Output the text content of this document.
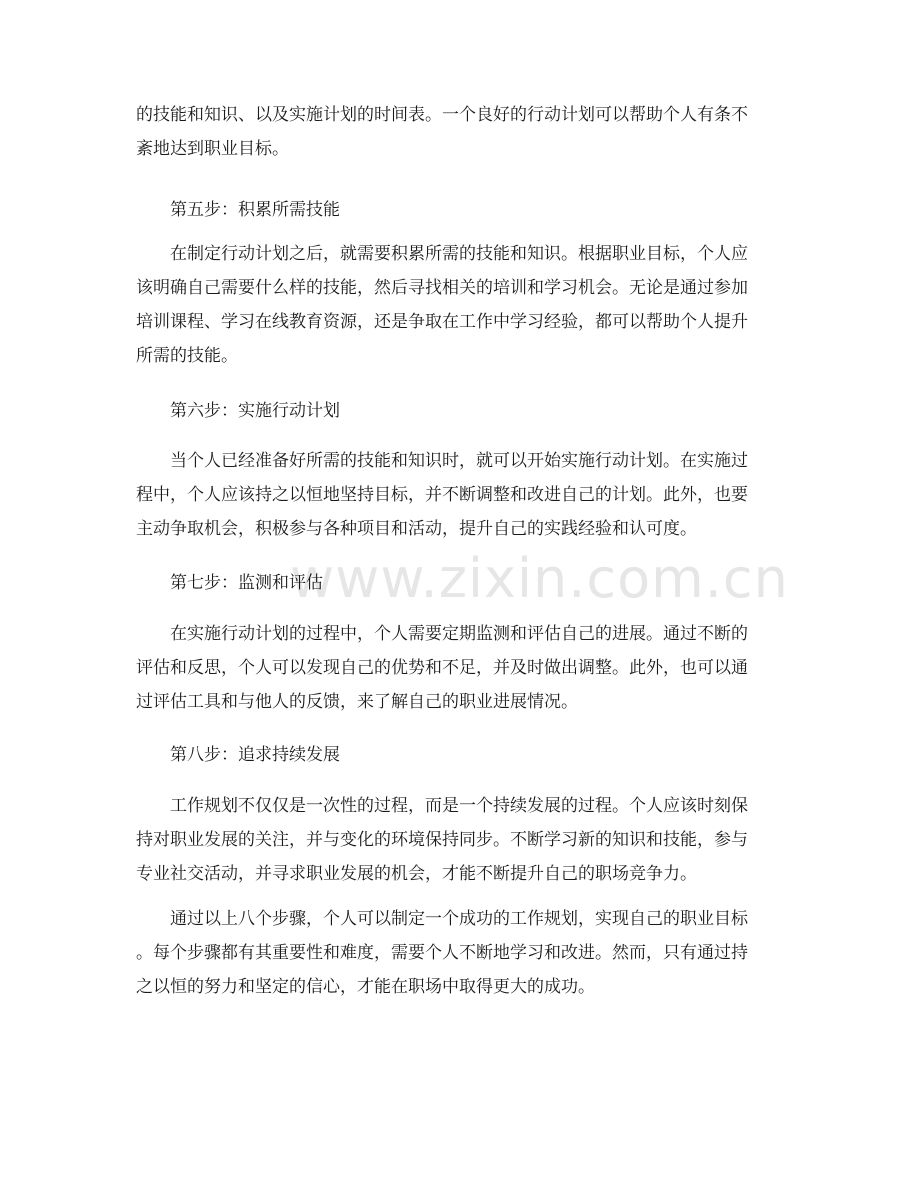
www.zixin.com.cn

的技能和知识、以及实施计划的时间表。一个良好的行动计划可以帮助个人有条不
紊地达到职业目标。

第五步：积累所需技能

在制定行动计划之后，就需要积累所需的技能和知识。根据职业目标，个人应
该明确自己需要什么样的技能，然后寻找相关的培训和学习机会。无论是通过参加
培训课程、学习在线教育资源，还是争取在工作中学习经验，都可以帮助个人提升
所需的技能。

第六步：实施行动计划

当个人已经准备好所需的技能和知识时，就可以开始实施行动计划。在实施过
程中，个人应该持之以恒地坚持目标，并不断调整和改进自己的计划。此外，也要
主动争取机会，积极参与各种项目和活动，提升自己的实践经验和认可度。

第七步：监测和评估

在实施行动计划的过程中，个人需要定期监测和评估自己的进展。通过不断的
评估和反思，个人可以发现自己的优势和不足，并及时做出调整。此外，也可以通
过评估工具和与他人的反馈，来了解自己的职业进展情况。

第八步：追求持续发展

工作规划不仅仅是一次性的过程，而是一个持续发展的过程。个人应该时刻保
持对职业发展的关注，并与变化的环境保持同步。不断学习新的知识和技能，参与
专业社交活动，并寻求职业发展的机会，才能不断提升自己的职场竞争力。

通过以上八个步骤，个人可以制定一个成功的工作规划，实现自己的职业目标
。每个步骤都有其重要性和难度，需要个人不断地学习和改进。然而，只有通过持
之以恒的努力和坚定的信心，才能在职场中取得更大的成功。
